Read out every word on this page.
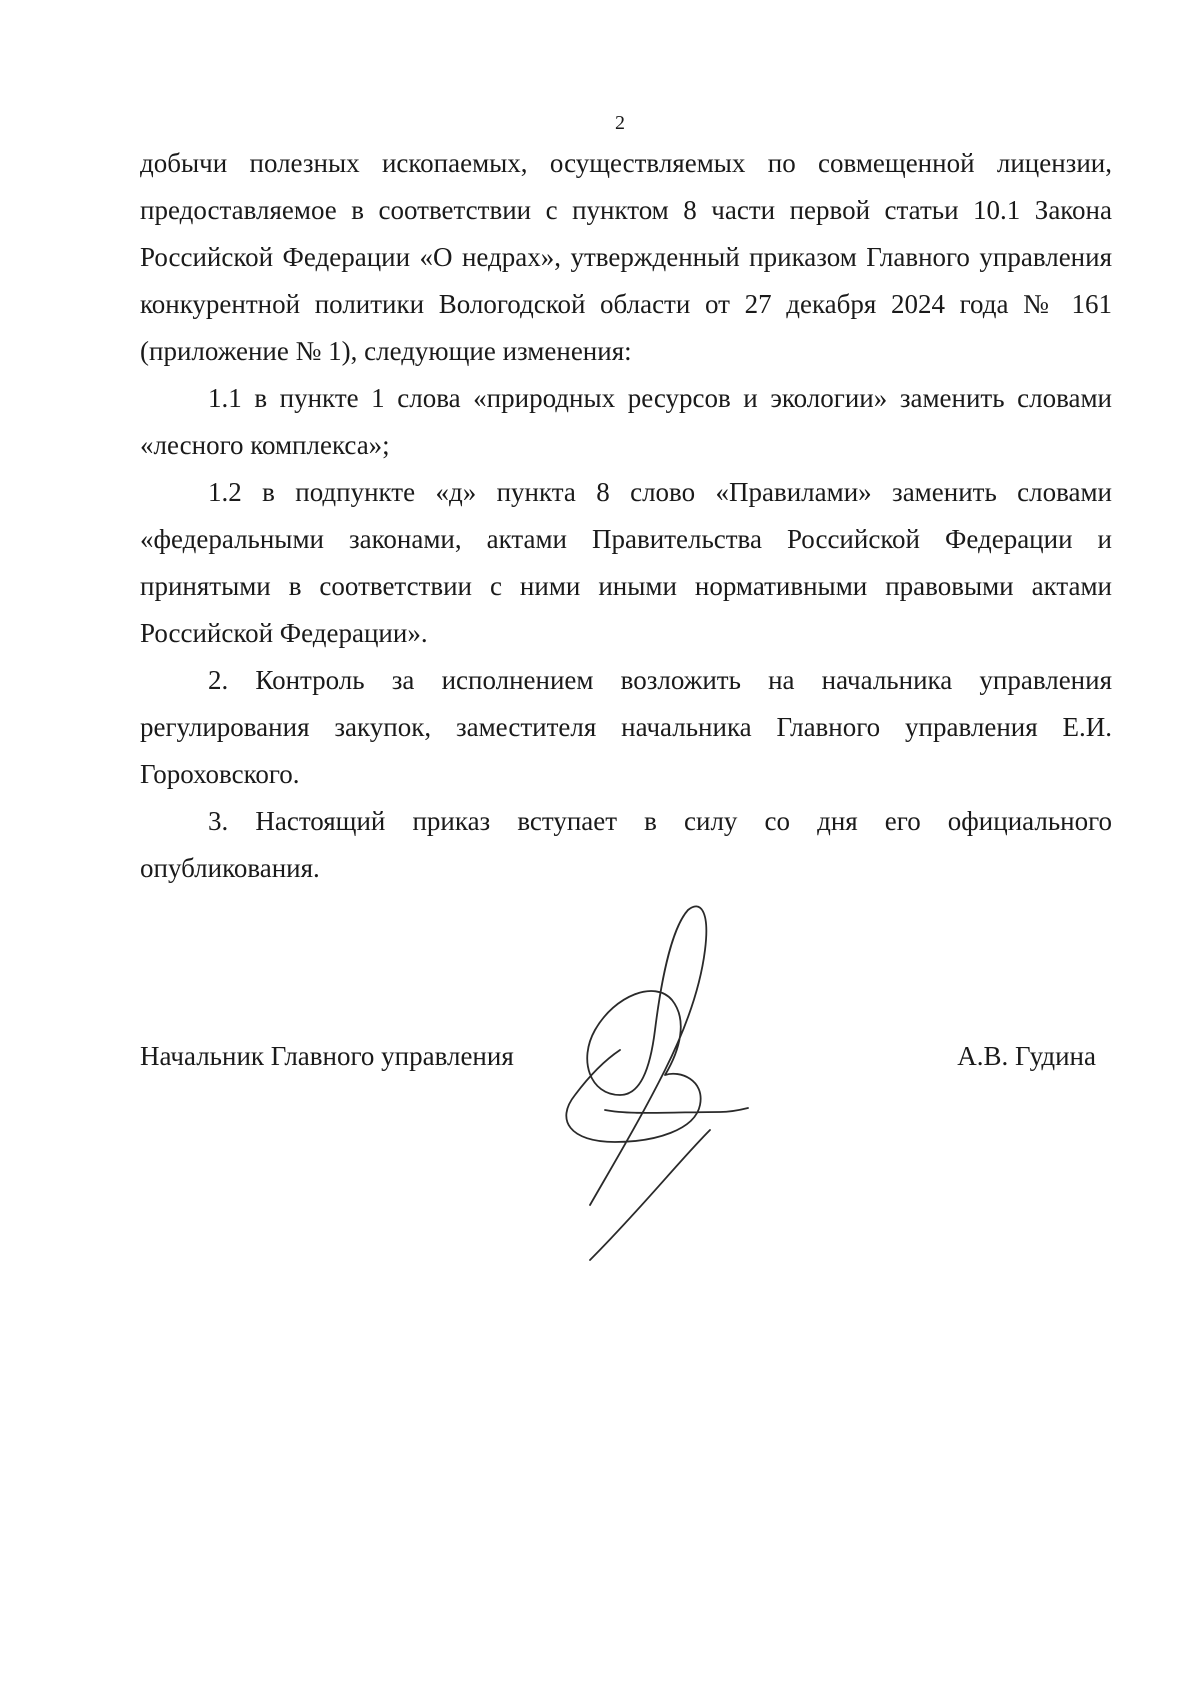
2

добычи полезных ископаемых, осуществляемых по совмещенной лицензии, предоставляемое в соответствии с пунктом 8 части первой статьи 10.1 Закона Российской Федерации «О недрах», утвержденный приказом Главного управления конкурентной политики Вологодской области от 27 декабря 2024 года № 161 (приложение № 1), следующие изменения:

1.1 в пункте 1 слова «природных ресурсов и экологии» заменить словами «лесного комплекса»;

1.2 в подпункте «д» пункта 8 слово «Правилами» заменить словами «федеральными законами, актами Правительства Российской Федерации и принятыми в соответствии с ними иными нормативными правовыми актами Российской Федерации».

2. Контроль за исполнением возложить на начальника управления регулирования закупок, заместителя начальника Главного управления Е.И. Гороховского.

3. Настоящий приказ вступает в силу со дня его официального опубликования.

Начальник Главного управления	А.В. Гудина
